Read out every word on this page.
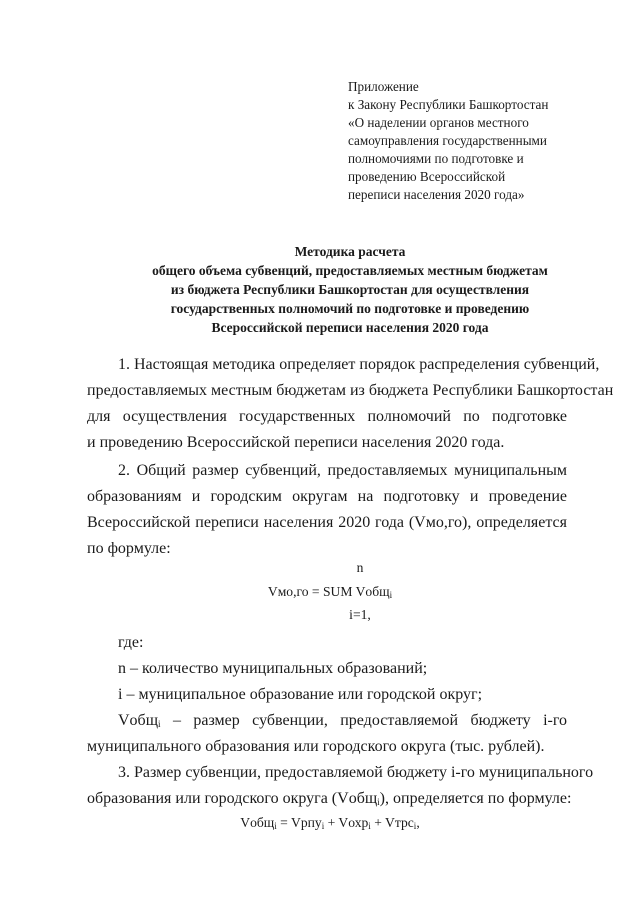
Приложение
к Закону Республики Башкортостан
«О наделении органов местного
самоуправления государственными
полномочиями по подготовке и
проведению Всероссийской
переписи населения 2020 года»
Методика расчета
общего объема субвенций, предоставляемых местным бюджетам
из бюджета Республики Башкортостан для осуществления
государственных полномочий по подготовке и проведению
Всероссийской переписи населения 2020 года
1. Настоящая методика определяет порядок распределения субвенций,
предоставляемых местным бюджетам из бюджета Республики Башкортостан
для осуществления государственных полномочий по подготовке
и проведению Всероссийской переписи населения 2020 года.
2. Общий размер субвенций, предоставляемых муниципальным
образованиям и городским округам на подготовку и проведение
Всероссийской переписи населения 2020 года (Vмо,го), определяется
по формуле:
n
Vмо,го = SUM Vобщ$_i$
i=1,
где:
n – количество муниципальных образований;
i – муниципальное образование или городской округ;
Vобщ$_i$ – размер субвенции, предоставляемой бюджету i-го
муниципального образования или городского округа (тыс. рублей).
3. Размер субвенции, предоставляемой бюджету i-го муниципального
образования или городского округа (Vобщ$_i$), определяется по формуле:
Vобщ$_i$ = Vрпу$_i$ + Vохр$_i$ + Vтрс$_i$,
